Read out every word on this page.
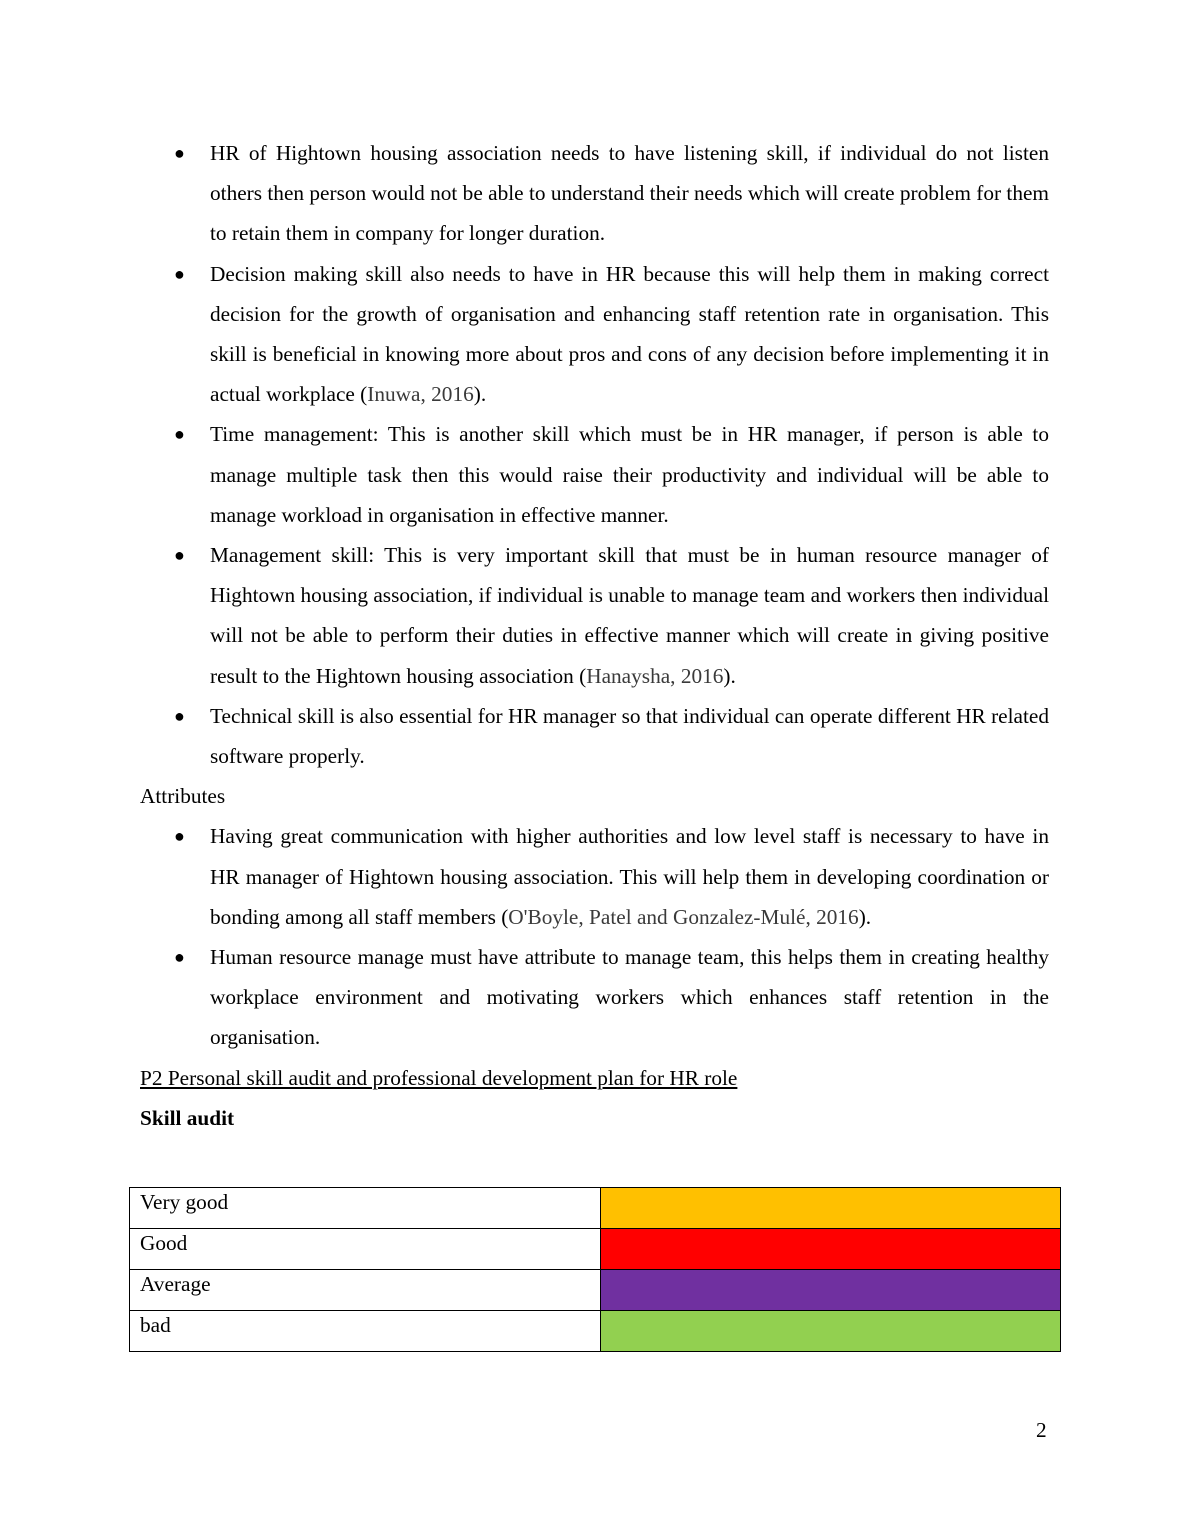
● HR of Hightown housing association needs to have listening skill, if individual do not listen others then person would not be able to understand their needs which will create problem for them to retain them in company for longer duration.
● Decision making skill also needs to have in HR because this will help them in making correct decision for the growth of organisation and enhancing staff retention rate in organisation. This skill is beneficial in knowing more about pros and cons of any decision before implementing it in actual workplace (Inuwa, 2016).
● Time management: This is another skill which must be in HR manager, if person is able to manage multiple task then this would raise their productivity and individual will be able to manage workload in organisation in effective manner.
● Management skill: This is very important skill that must be in human resource manager of Hightown housing association, if individual is unable to manage team and workers then individual will not be able to perform their duties in effective manner which will create in giving positive result to the Hightown housing association (Hanaysha, 2016).
● Technical skill is also essential for HR manager so that individual can operate different HR related software properly.
Attributes
● Having great communication with higher authorities and low level staff is necessary to have in HR manager of Hightown housing association. This will help them in developing coordination or bonding among all staff members (O'Boyle, Patel and Gonzalez-Mulé, 2016).
● Human resource manage must have attribute to manage team, this helps them in creating healthy workplace environment and motivating workers which enhances staff retention in the organisation.
P2 Personal skill audit and professional development plan for HR role
Skill audit
Very good	
Good	
Average	
bad	
2
